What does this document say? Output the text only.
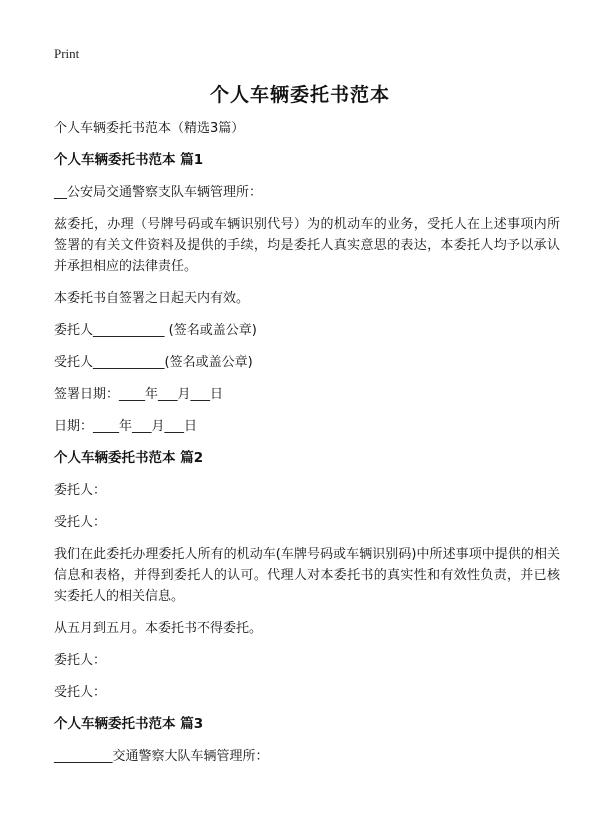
Print
个人车辆委托书范本

个人车辆委托书范本（精选3篇）

个人车辆委托书范本 篇1

__公安局交通警察支队车辆管理所：

兹委托，办理（号牌号码或车辆识别代号）为的机动车的业务，受托人在上述事项内所签署的有关文件资料及提供的手续，均是委托人真实意思的表达，本委托人均予以承认并承担相应的法律责任。

本委托书自签署之日起天内有效。

委托人___________ (签名或盖公章)

受托人___________(签名或盖公章)

签署日期：____年___月___日

日期：____年___月___日

个人车辆委托书范本 篇2

委托人：

受托人：

我们在此委托办理委托人所有的机动车(车牌号码或车辆识别码)中所述事项中提供的相关信息和表格，并得到委托人的认可。代理人对本委托书的真实性和有效性负责，并已核实委托人的相关信息。

从五月到五月。本委托书不得委托。

委托人：

受托人：

个人车辆委托书范本 篇3

_________交通警察大队车辆管理所：
